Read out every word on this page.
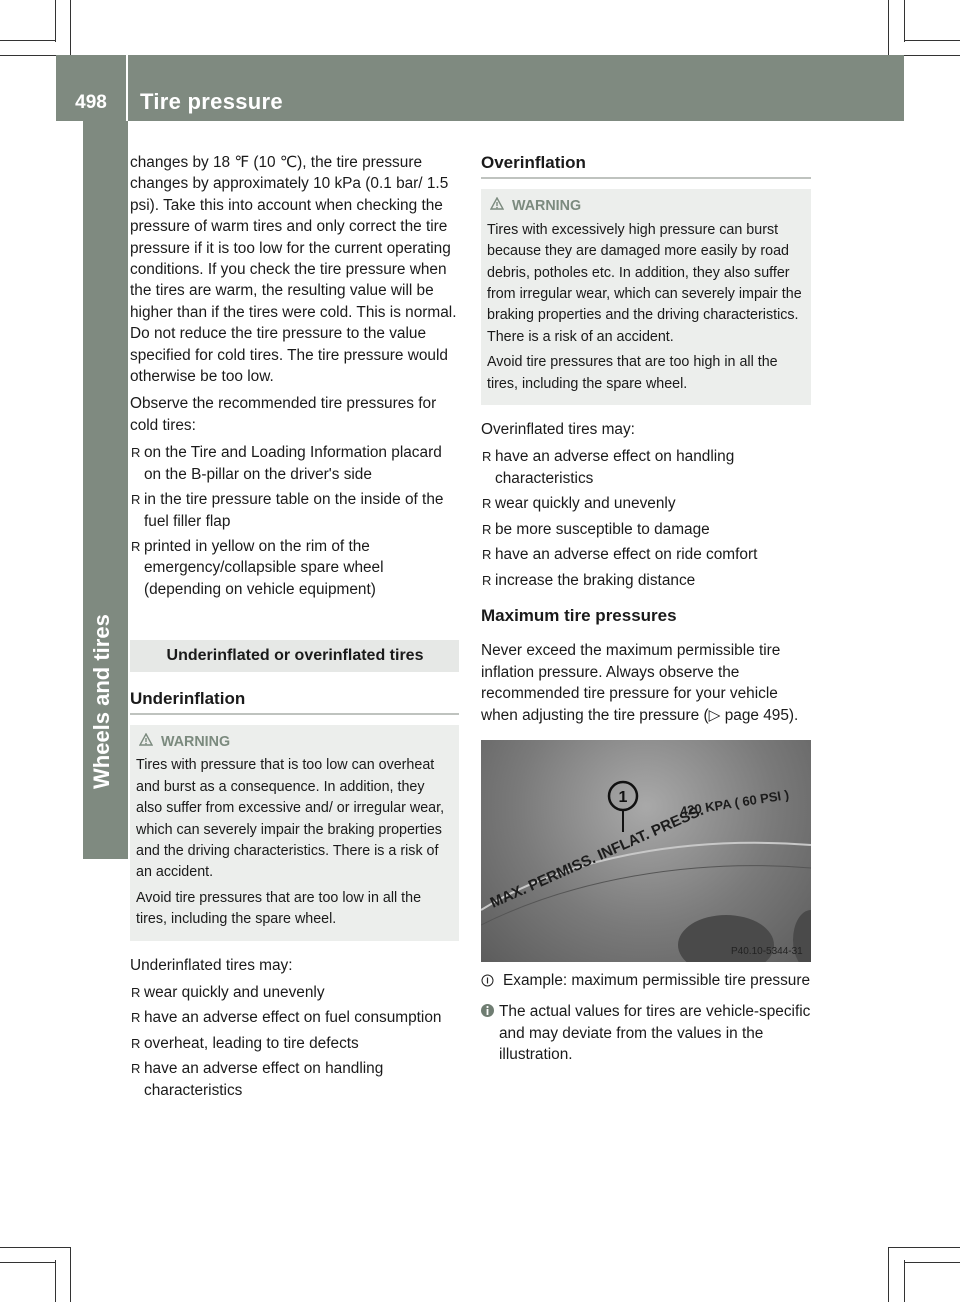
498	Tire pressure
Wheels and tires

changes by 18 ℉ (10 ℃), the tire pressure changes by approximately 10 kPa (0.1 bar/ 1.5 psi). Take this into account when checking the pressure of warm tires and only correct the tire pressure if it is too low for the current operating conditions. If you check the tire pressure when the tires are warm, the resulting value will be higher than if the tires were cold. This is normal. Do not reduce the tire pressure to the value specified for cold tires. The tire pressure would otherwise be too low.

Observe the recommended tire pressures for cold tires:

R on the Tire and Loading Information placard on the B-pillar on the driver's side
R in the tire pressure table on the inside of the fuel filler flap
R printed in yellow on the rim of the emergency/collapsible spare wheel (depending on vehicle equipment)
Underinflated or overinflated tires
Underinflation
WARNING

Tires with pressure that is too low can overheat and burst as a consequence. In addition, they also suffer from excessive and/ or irregular wear, which can severely impair the braking properties and the driving characteristics. There is a risk of an accident.

Avoid tire pressures that are too low in all the tires, including the spare wheel.

Underinflated tires may:

R wear quickly and unevenly
R have an adverse effect on fuel consumption
R overheat, leading to tire defects
R have an adverse effect on handling characteristics
Overinflation
WARNING

Tires with excessively high pressure can burst because they are damaged more easily by road debris, potholes etc. In addition, they also suffer from irregular wear, which can severely impair the braking properties and the driving characteristics. There is a risk of an accident.

Avoid tire pressures that are too high in all the tires, including the spare wheel.

Overinflated tires may:

R have an adverse effect on handling characteristics
R wear quickly and unevenly
R be more susceptible to damage
R have an adverse effect on ride comfort
R increase the braking distance
Maximum tire pressures

Never exceed the maximum permissible tire inflation pressure. Always observe the recommended tire pressure for your vehicle when adjusting the tire pressure (▷ page 495).

1
MAX. PERMISS. INFLAT. PRESS.
420 KPA ( 60 PSI )
P40.10-5344-31
Example: maximum permissible tire pressure
The actual values for tires are vehicle-specific and may deviate from the values in the illustration.
